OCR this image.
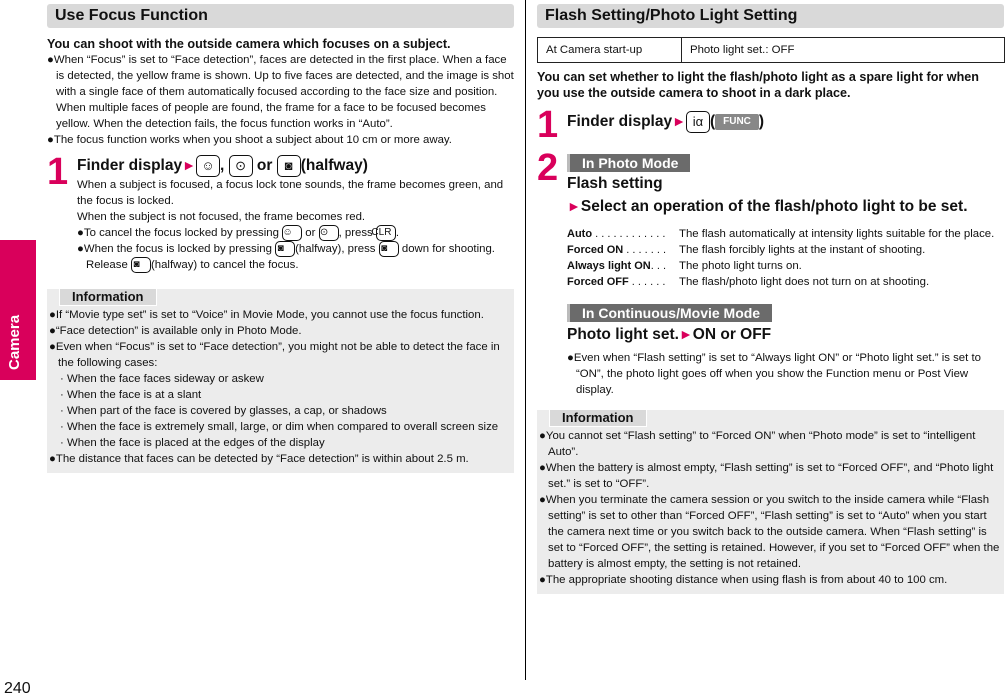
Camera
240
Use Focus Function
You can shoot with the outside camera which focuses on a subject.
●When “Focus” is set to “Face detection”, faces are detected in the first place. When a face is detected, the yellow frame is shown. Up to five faces are detected, and the image is shot with a single face of them automatically focused according to the face size and position. When multiple faces of people are found, the frame for a face to be focused becomes yellow. When the detection fails, the focus function works in “Auto”.
●The focus function works when you shoot a subject about 10 cm or more away.
1 Finder display► ☺ , ⊙ or ◙ (halfway)
When a subject is focused, a focus lock tone sounds, the frame becomes green, and the focus is locked.
When the subject is not focused, the frame becomes red.
●To cancel the focus locked by pressing ☺ or ⊙ , press CLR .
●When the focus is locked by pressing ◙ (halfway), press ◙ down for shooting. Release ◙ (halfway) to cancel the focus.
Information
●If “Movie type set” is set to “Voice” in Movie Mode, you cannot use the focus function.
●“Face detection” is available only in Photo Mode.
●Even when “Focus” is set to “Face detection”, you might not be able to detect the face in the following cases:
· When the face faces sideway or askew
· When the face is at a slant
· When part of the face is covered by glasses, a cap, or shadows
· When the face is extremely small, large, or dim when compared to overall screen size
· When the face is placed at the edges of the display
●The distance that faces can be detected by “Face detection” is within about 2.5 m.
Flash Setting/Photo Light Setting
At Camera start-up	Photo light set.: OFF
You can set whether to light the flash/photo light as a spare light for when you use the outside camera to shoot in a dark place.
1 Finder display► iα ( FUNC )
2 In Photo Mode
Flash setting
►Select an operation of the flash/photo light to be set.
Auto . . . . . . . . . . . .	The flash automatically at intensity lights suitable for the place.
Forced ON . . . . . . .	The flash forcibly lights at the instant of shooting.
Always light ON. . .	The photo light turns on.
Forced OFF . . . . . .	The flash/photo light does not turn on at shooting.
In Continuous/Movie Mode
Photo light set.►ON or OFF
●Even when “Flash setting” is set to “Always light ON” or “Photo light set.” is set to “ON”, the photo light goes off when you show the Function menu or Post View display.
Information
●You cannot set “Flash setting” to “Forced ON” when “Photo mode” is set to “intelligent Auto”.
●When the battery is almost empty, “Flash setting” is set to “Forced OFF”, and “Photo light set.” is set to “OFF”.
●When you terminate the camera session or you switch to the inside camera while “Flash setting” is set to other than “Forced OFF”, “Flash setting” is set to “Auto” when you start the camera next time or you switch back to the outside camera. When “Flash setting” is set to “Forced OFF”, the setting is retained. However, if you set to “Forced OFF” when the battery is almost empty, the setting is not retained.
●The appropriate shooting distance when using flash is from about 40 to 100 cm.
